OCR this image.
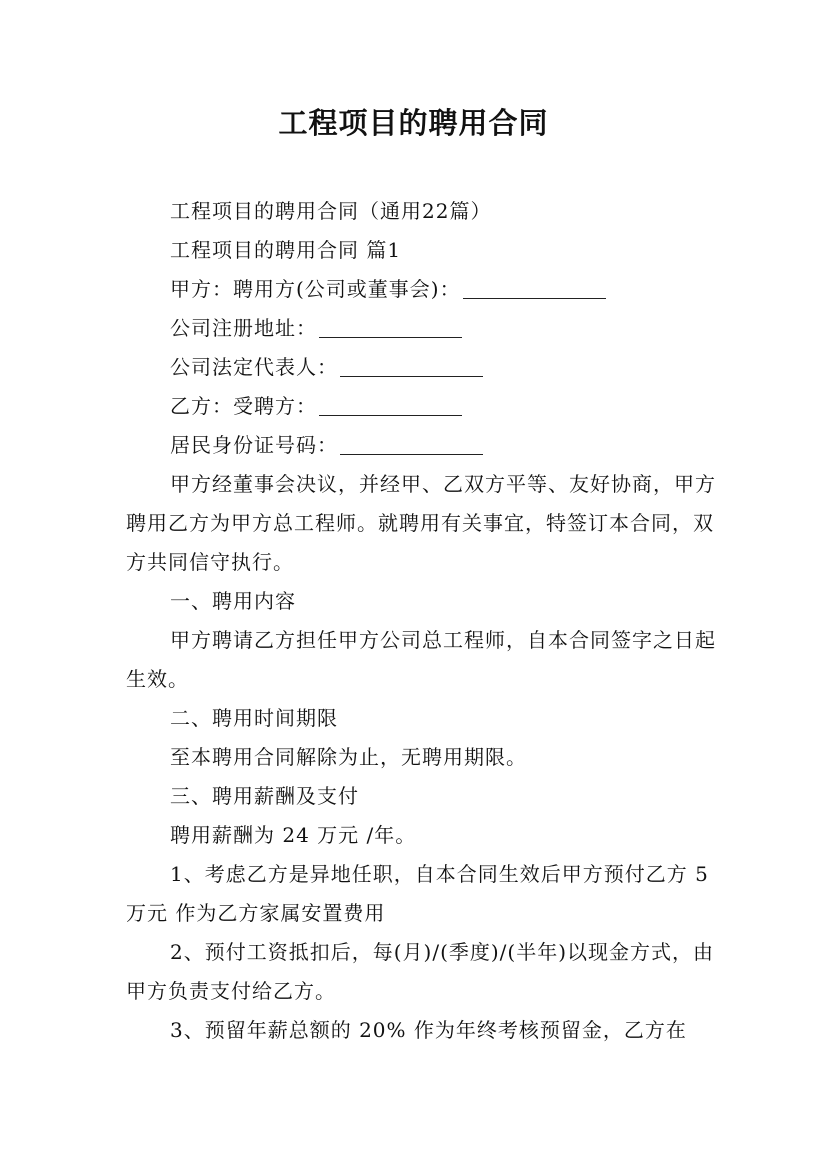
工程项目的聘用合同

工程项目的聘用合同（通用22篇）

工程项目的聘用合同 篇1

甲方：聘用方(公司或董事会)：

公司注册地址：

公司法定代表人：

乙方：受聘方：

居民身份证号码：

甲方经董事会决议，并经甲、乙双方平等、友好协商，甲方聘用乙方为甲方总工程师。就聘用有关事宜，特签订本合同，双方共同信守执行。

一、聘用内容

甲方聘请乙方担任甲方公司总工程师，自本合同签字之日起生效。

二、聘用时间期限

至本聘用合同解除为止，无聘用期限。

三、聘用薪酬及支付

聘用薪酬为 24 万元 /年。

1、考虑乙方是异地任职，自本合同生效后甲方预付乙方 5万元 作为乙方家属安置费用

2、预付工资抵扣后，每(月)/(季度)/(半年)以现金方式，由甲方负责支付给乙方。

3、预留年薪总额的 20% 作为年终考核预留金，乙方在
